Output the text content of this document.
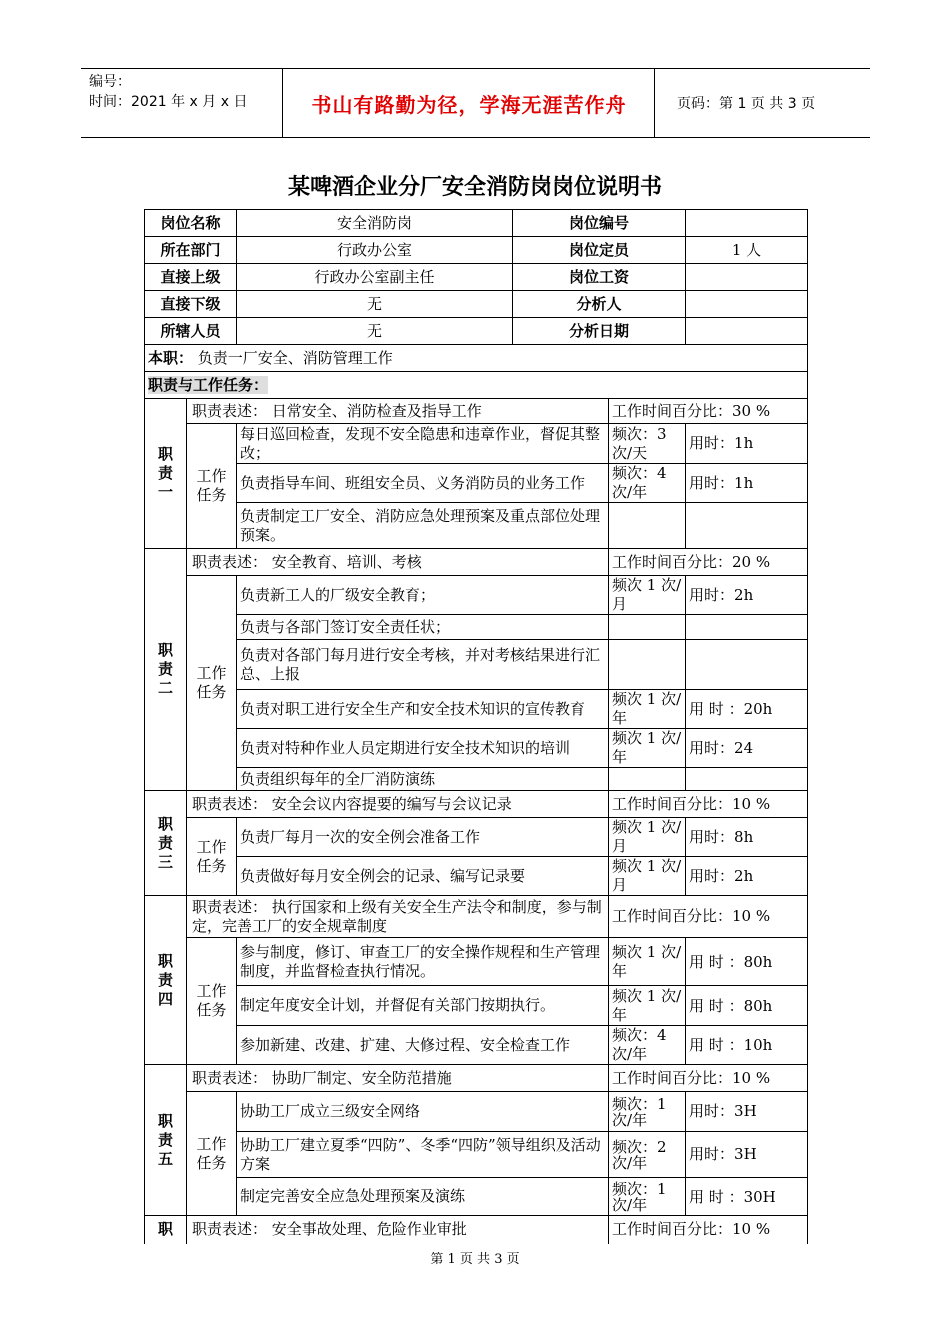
编号：
时间：2021 年 x 月 x 日	书山有路勤为径，学海无涯苦作舟	页码：第 1 页 共 3 页
某啤酒企业分厂安全消防岗岗位说明书
岗位名称		安全消防岗	岗位编号		
所在部门		行政办公室	岗位定员		1 人
直接上级		行政办公室副主任	岗位工资		
直接下级		无	分析人		
所辖人员		无	分析日期		
本职： 负责一厂安全、消防管理工作					
职责与工作任务：					
职责一	职责表述： 日常安全、消防检查及指导工作			工作时间百分比：30 %	
	工作任务	每日巡回检查，发现不安全隐患和违章作业，督促其整改；		频次：3 次/天	用时：1h
		负责指导车间、班组安全员、义务消防员的业务工作		频次：4 次/年	用时：1h
		负责制定工厂安全、消防应急处理预案及重点部位处理预案。			
职责二	职责表述： 安全教育、培训、考核			工作时间百分比：20 %	
	工作任务	负责新工人的厂级安全教育；		频次 1 次/月	用时：2h
		负责与各部门签订安全责任状；			
		负责对各部门每月进行安全考核，并对考核结果进行汇总、上报			
		负责对职工进行安全生产和安全技术知识的宣传教育		频次 1 次/年	用 时 ：20h
		负责对特种作业人员定期进行安全技术知识的培训		频次 1 次/年	用时：24
		负责组织每年的全厂消防演练			
职责三	职责表述： 安全会议内容提要的编写与会议记录			工作时间百分比：10 %	
	工作任务	负责厂每月一次的安全例会准备工作		频次 1 次/月	用时：8h
		负责做好每月安全例会的记录、编写记录要		频次 1 次/月	用时：2h
职责四	职责表述： 执行国家和上级有关安全生产法令和制度，参与制定，完善工厂的安全规章制度			工作时间百分比：10 %	
	工作任务	参与制度，修订、审查工厂的安全操作规程和生产管理制度，并监督检查执行情况。		频次 1 次/年	用 时 ：80h
		制定年度安全计划，并督促有关部门按期执行。		频次 1 次/年	用 时 ：80h
		参加新建、改建、扩建、大修过程、安全检查工作		频次：4 次/年	用 时 ：10h
职责五	职责表述： 协助厂制定、安全防范措施			工作时间百分比：10 %	
	工作任务	协助工厂成立三级安全网络		频次：1 次/年	用时：3H
		协助工厂建立夏季“四防”、冬季“四防”领导组织及活动方案		频次：2 次/年	用时：3H
		制定完善安全应急处理预案及演练		频次：1 次/年	用 时 ：30H
职	职责表述： 安全事故处理、危险作业审批			工作时间百分比：10 %	
第 1 页 共 3 页
